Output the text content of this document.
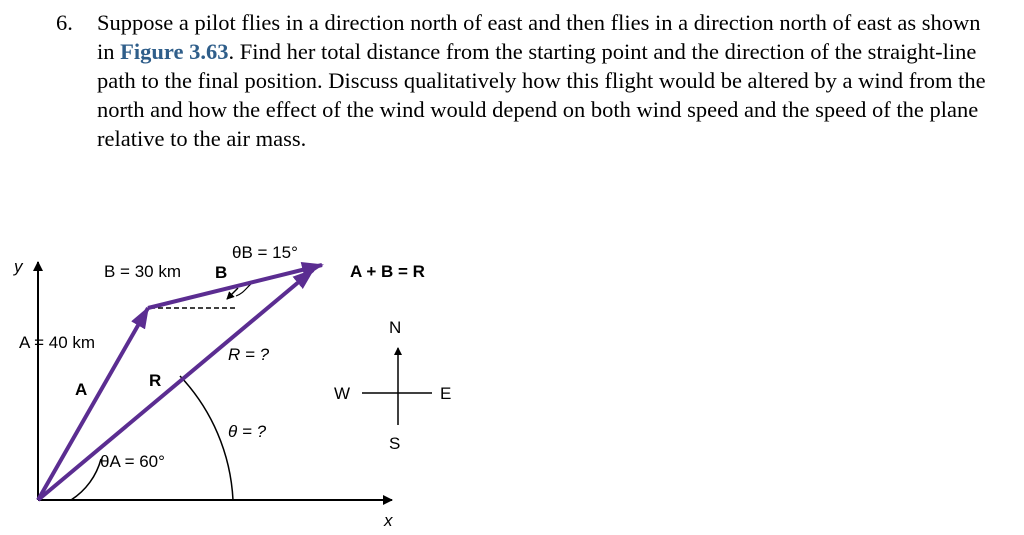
6. Suppose a pilot flies in a direction north of east and then flies in a direction north of east as shown in Figure 3.63. Find her total distance from the starting point and the direction of the straight-line path to the final position. Discuss qualitatively how this flight would be altered by a wind from the north and how the effect of the wind would depend on both wind speed and the speed of the plane relative to the air mass.
y
x
A = 40 km
A
B = 30 km B
R
R = ?
θB = 15°
θA = 60°
θ = ?
A + B = R
N
S
E
W
